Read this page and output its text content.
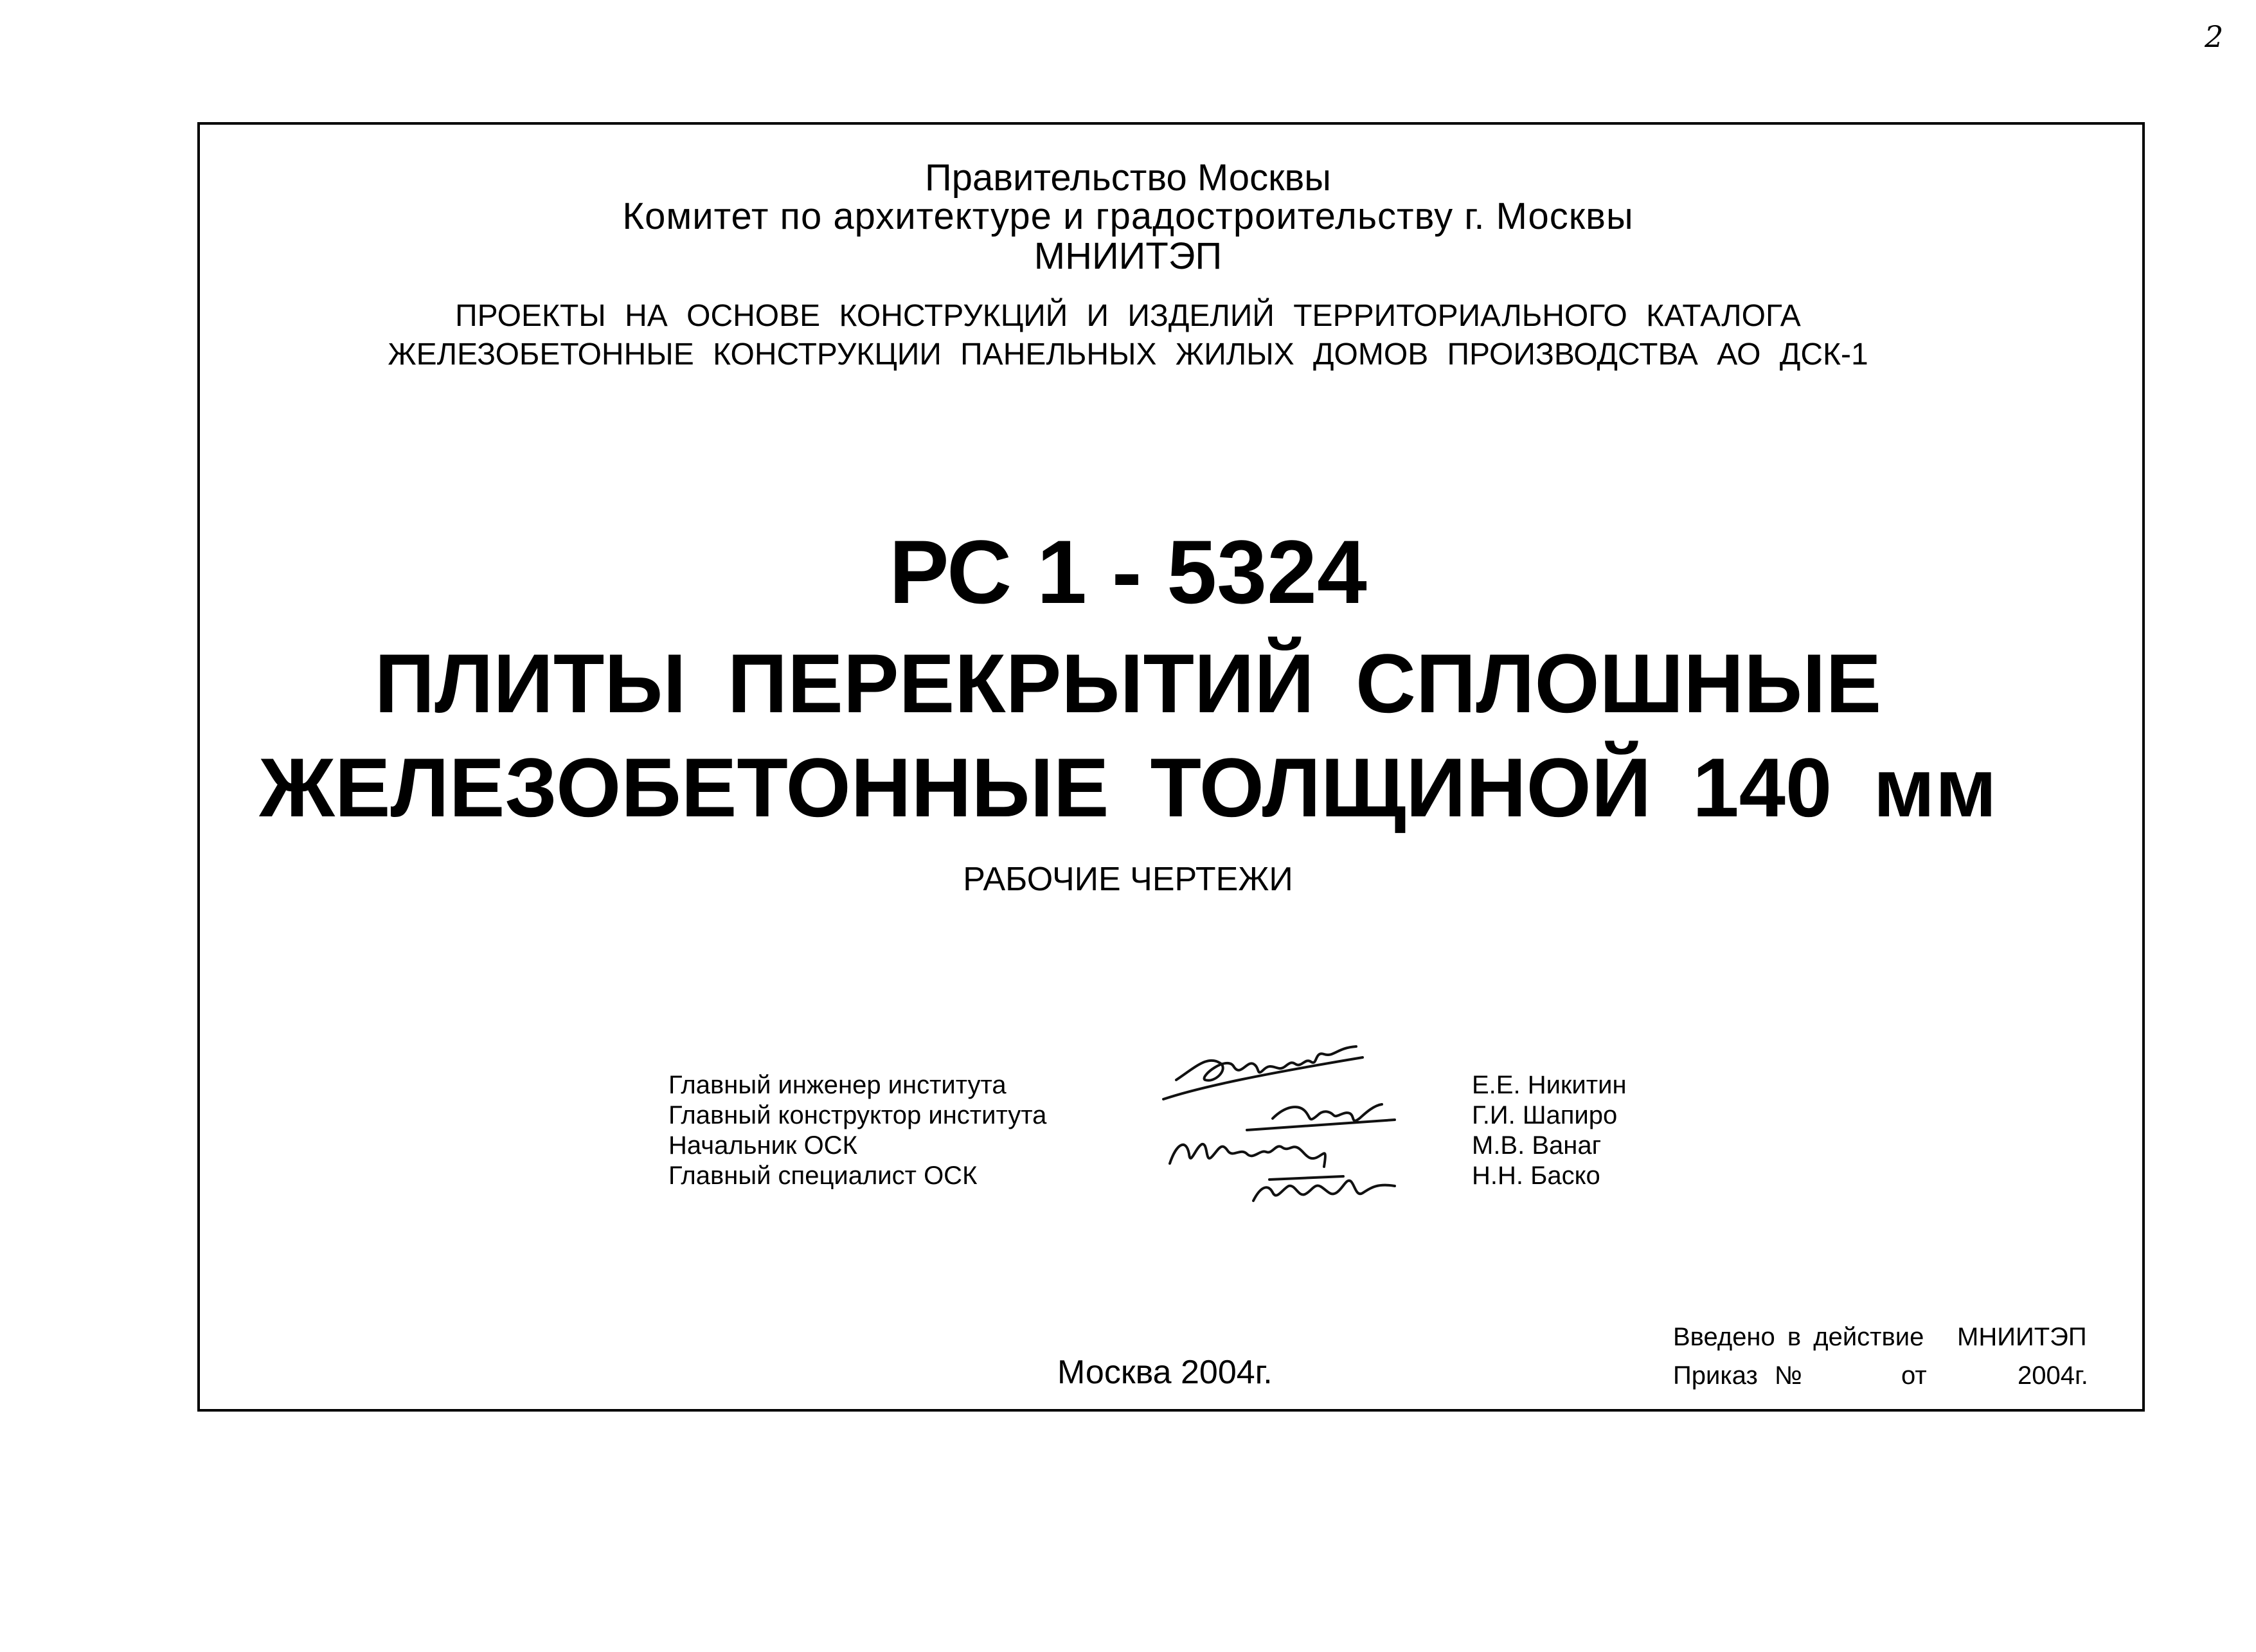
2
Правительство Москвы
Комитет по архитектуре и градостроительству г. Москвы
МНИИТЭП
ПРОЕКТЫ НА ОСНОВЕ КОНСТРУКЦИЙ И ИЗДЕЛИЙ ТЕРРИТОРИАЛЬНОГО КАТАЛОГА
ЖЕЛЕЗОБЕТОННЫЕ КОНСТРУКЦИИ ПАНЕЛЬНЫХ ЖИЛЫХ ДОМОВ ПРОИЗВОДСТВА АО ДСК-1
РС 1 - 5324
ПЛИТЫ ПЕРЕКРЫТИЙ СПЛОШНЫЕ
ЖЕЛЕЗОБЕТОННЫЕ ТОЛЩИНОЙ 140 мм
РАБОЧИЕ ЧЕРТЕЖИ
Главный инженер института
Главный конструктор института
Начальник ОСК
Главный специалист ОСК
Е.Е. Никитин
Г.И. Шапиро
М.В. Ванаг
Н.Н. Баско
Москва 2004г.
Введено в действие МНИИТЭП
Приказ №	от	2004г.
